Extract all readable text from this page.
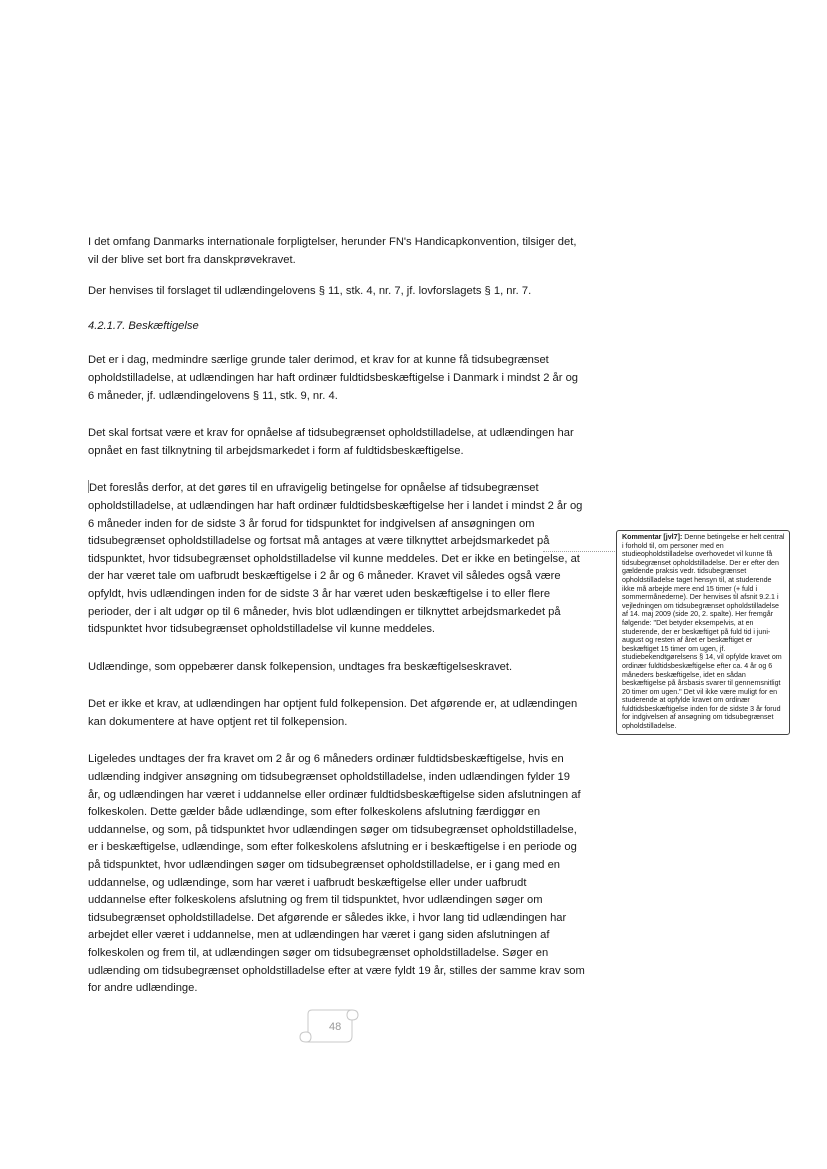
I det omfang Danmarks internationale forpligtelser, herunder FN's Handicapkonvention, tilsiger det, vil der blive set bort fra danskprøvekravet.

Der henvises til forslaget til udlændingelovens § 11, stk. 4, nr. 7, jf. lovforslagets § 1, nr. 7.

4.2.1.7. Beskæftigelse

Det er i dag, medmindre særlige grunde taler derimod, et krav for at kunne få tidsubegrænset opholdstilladelse, at udlændingen har haft ordinær fuldtidsbeskæftigelse i Danmark i mindst 2 år og 6 måneder, jf. udlændingelovens § 11, stk. 9, nr. 4.

Det skal fortsat være et krav for opnåelse af tidsubegrænset opholdstilladelse, at udlændingen har opnået en fast tilknytning til arbejdsmarkedet i form af fuldtidsbeskæftigelse.

Det foreslås derfor, at det gøres til en ufravigelig betingelse for opnåelse af tidsubegrænset opholdstilladelse, at udlændingen har haft ordinær fuldtidsbeskæftigelse her i landet i mindst 2 år og 6 måneder inden for de sidste 3 år forud for tidspunktet for indgivelsen af ansøgningen om tidsubegrænset opholdstilladelse og fortsat må antages at være tilknyttet arbejdsmarkedet på tidspunktet, hvor tidsubegrænset opholdstilladelse vil kunne meddeles. Det er ikke en betingelse, at der har været tale om uafbrudt beskæftigelse i 2 år og 6 måneder. Kravet vil således også være opfyldt, hvis udlændingen inden for de sidste 3 år har været uden beskæftigelse i to eller flere perioder, der i alt udgør op til 6 måneder, hvis blot udlændingen er tilknyttet arbejdsmarkedet på tidspunktet hvor tidsubegrænset opholdstilladelse vil kunne meddeles.

Udlændinge, som oppebærer dansk folkepension, undtages fra beskæftigelseskravet.

Det er ikke et krav, at udlændingen har optjent fuld folkepension. Det afgørende er, at udlændingen kan dokumentere at have optjent ret til folkepension.

Ligeledes undtages der fra kravet om 2 år og 6 måneders ordinær fuldtidsbeskæftigelse, hvis en udlænding indgiver ansøgning om tidsubegrænset opholdstilladelse, inden udlændingen fylder 19 år, og udlændingen har været i uddannelse eller ordinær fuldtidsbeskæftigelse siden afslutningen af folkeskolen. Dette gælder både udlændinge, som efter folkeskolens afslutning færdiggør en uddannelse, og som, på tidspunktet hvor udlændingen søger om tidsubegrænset opholdstilladelse, er i beskæftigelse, udlændinge, som efter folkeskolens afslutning er i beskæftigelse i en periode og på tidspunktet, hvor udlændingen søger om tidsubegrænset opholdstilladelse, er i gang med en uddannelse, og udlændinge, som har været i uafbrudt beskæftigelse eller under uafbrudt uddannelse efter folkeskolens afslutning og frem til tidspunktet, hvor udlændingen søger om tidsubegrænset opholdstilladelse. Det afgørende er således ikke, i hvor lang tid udlændingen har arbejdet eller været i uddannelse, men at udlændingen har været i gang siden afslutningen af folkeskolen og frem til, at udlændingen søger om tidsubegrænset opholdstilladelse. Søger en udlænding om tidsubegrænset opholdstilladelse efter at være fyldt 19 år, stilles der samme krav som for andre udlændinge.

Kommentar [jvl7]: Denne betingelse er helt central i forhold til, om personer med en studieopholdstilladelse overhovedet vil kunne få tidsubegrænset opholdstilladelse. Der er efter den gældende praksis vedr. tidsubegrænset opholdstilladelse taget hensyn til, at studerende ikke må arbejde mere end 15 timer (+ fuld i sommermånederne). Der henvises til afsnit 9.2.1 i vejledningen om tidsubegrænset opholdstilladelse af 14. maj 2009 (side 20, 2. spalte). Her fremgår følgende: "Det betyder eksempelvis, at en studerende, der er beskæftiget på fuld tid i juni-august og resten af året er beskæftiget er beskæftiget 15 timer om ugen, jf. studiebekendtgørelsens § 14, vil opfylde kravet om ordinær fuldtidsbeskæftigelse efter ca. 4 år og 6 måneders beskæftigelse, idet en sådan beskæftigelse på årsbasis svarer til gennemsnitligt 20 timer om ugen." Det vil ikke være muligt for en studerende at opfylde kravet om ordinær fuldtidsbeskæftigelse inden for de sidste 3 år forud for indgivelsen af ansøgning om tidsubegrænset opholdstilladelse.
48
